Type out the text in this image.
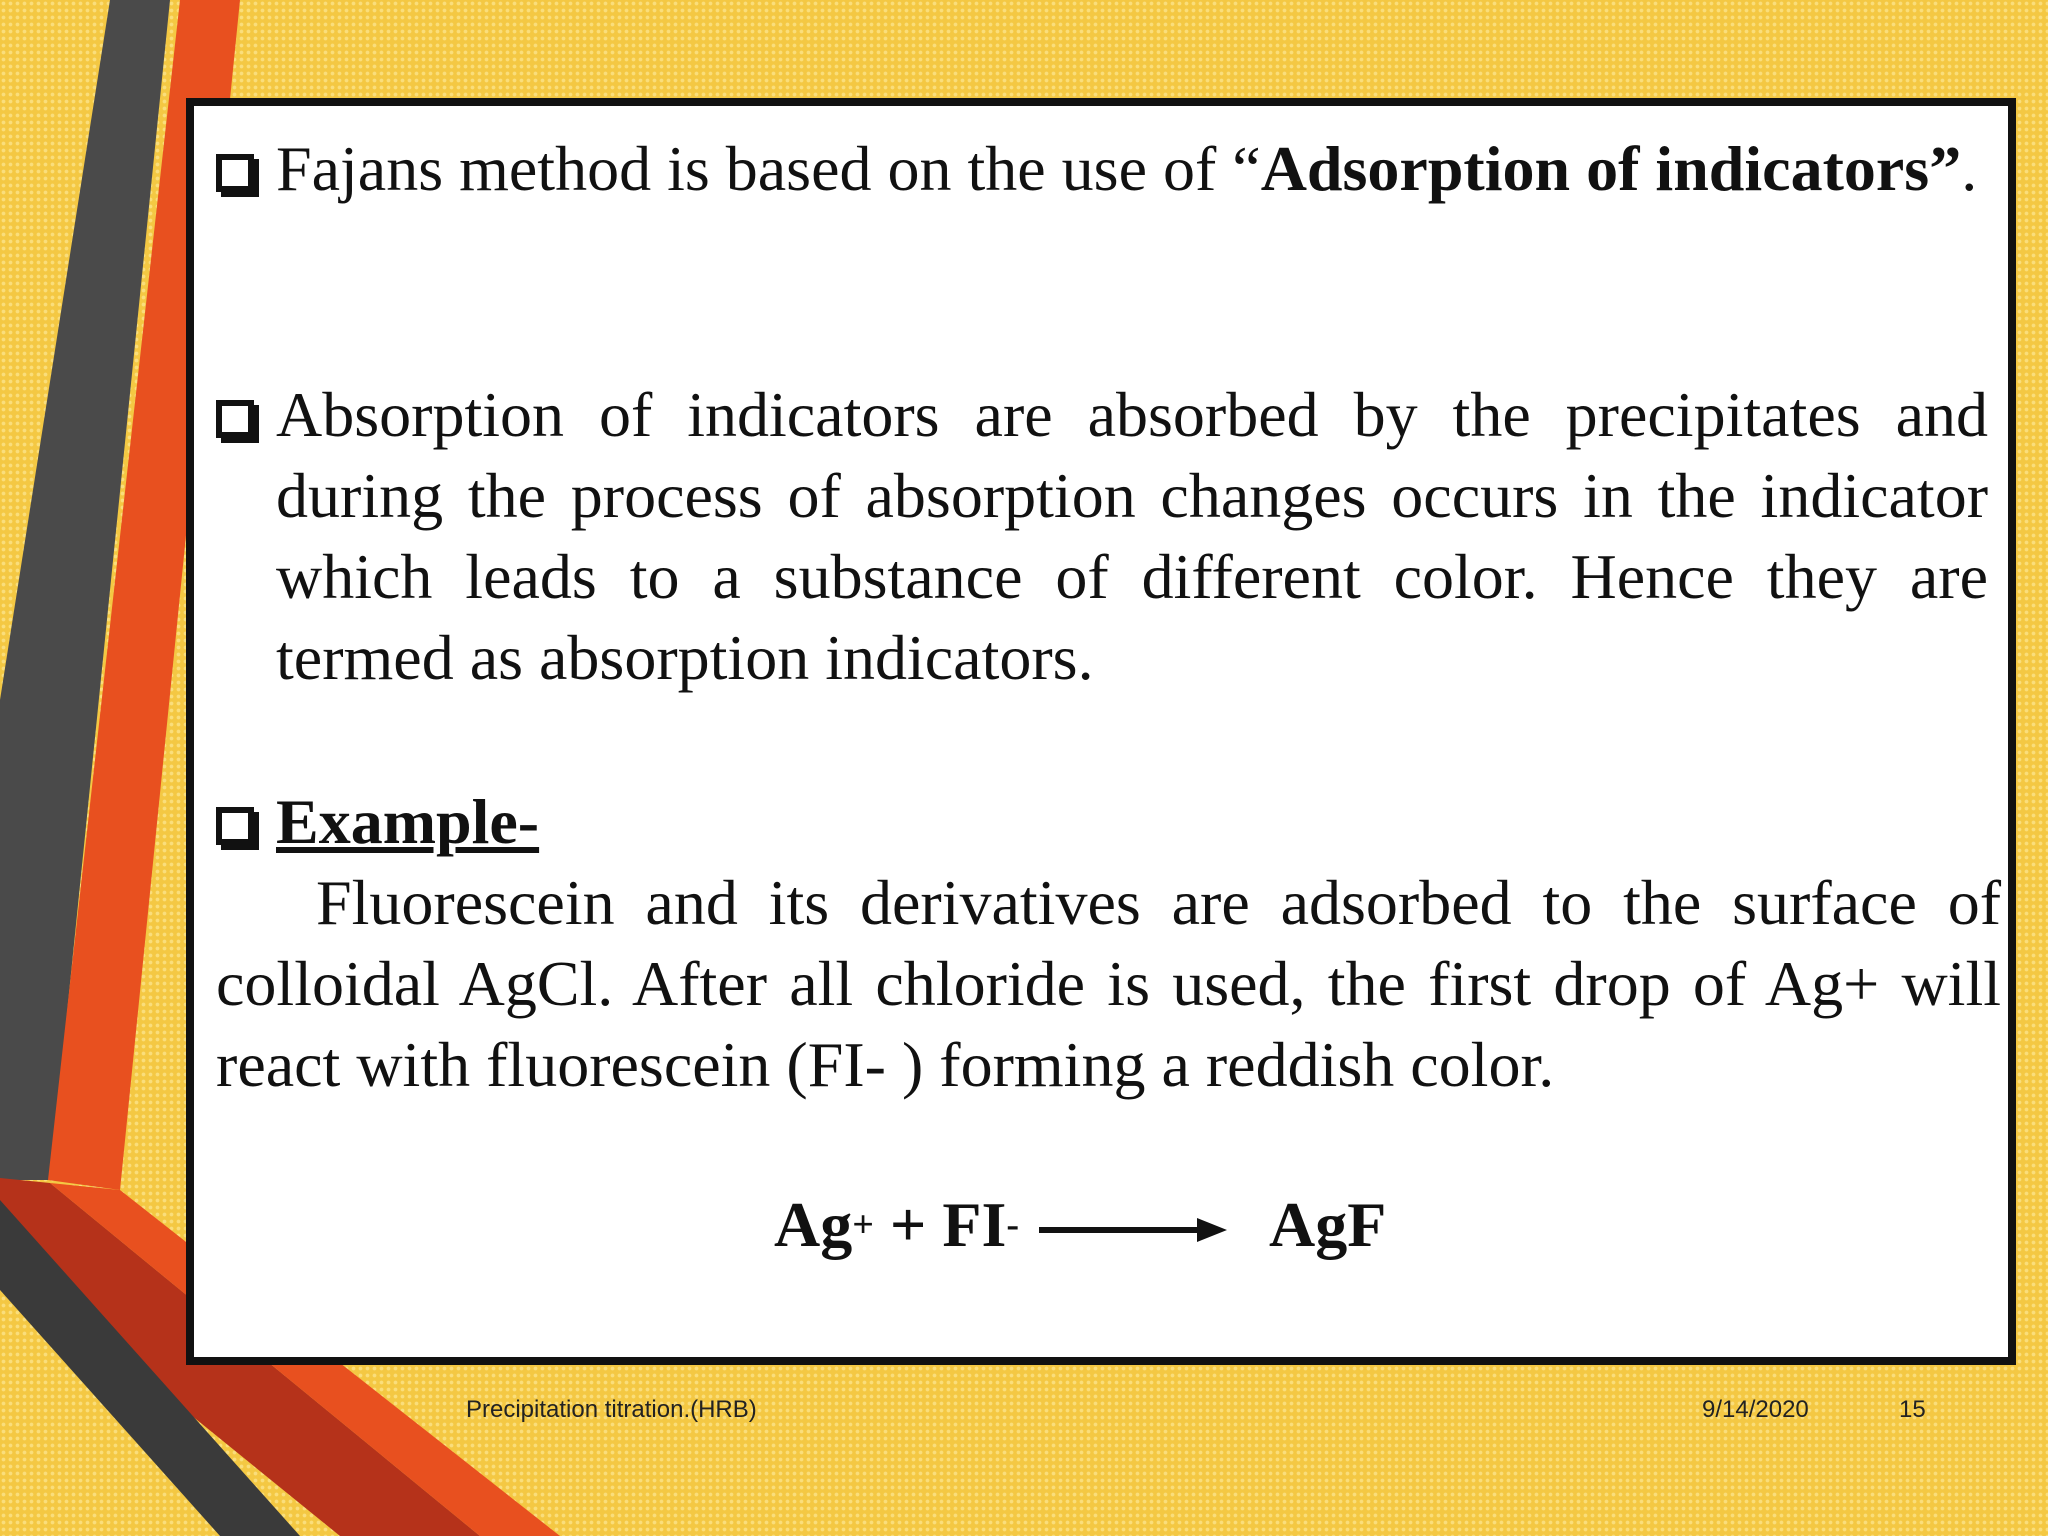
Fajans method is based on the use of “Adsorption of indicators”.
Absorption of indicators are absorbed by the precipitates and during the process of absorption changes occurs in the indicator which leads to a substance of different color. Hence they are termed as absorption indicators.
Example-
Fluorescein and its derivatives are adsorbed to the surface of colloidal AgCl. After all chloride is used, the first drop of Ag+ will react with fluorescein (FI- ) forming a reddish color.
Ag + + FI - → AgF
Precipitation titration.(HRB)	9/14/2020	15
